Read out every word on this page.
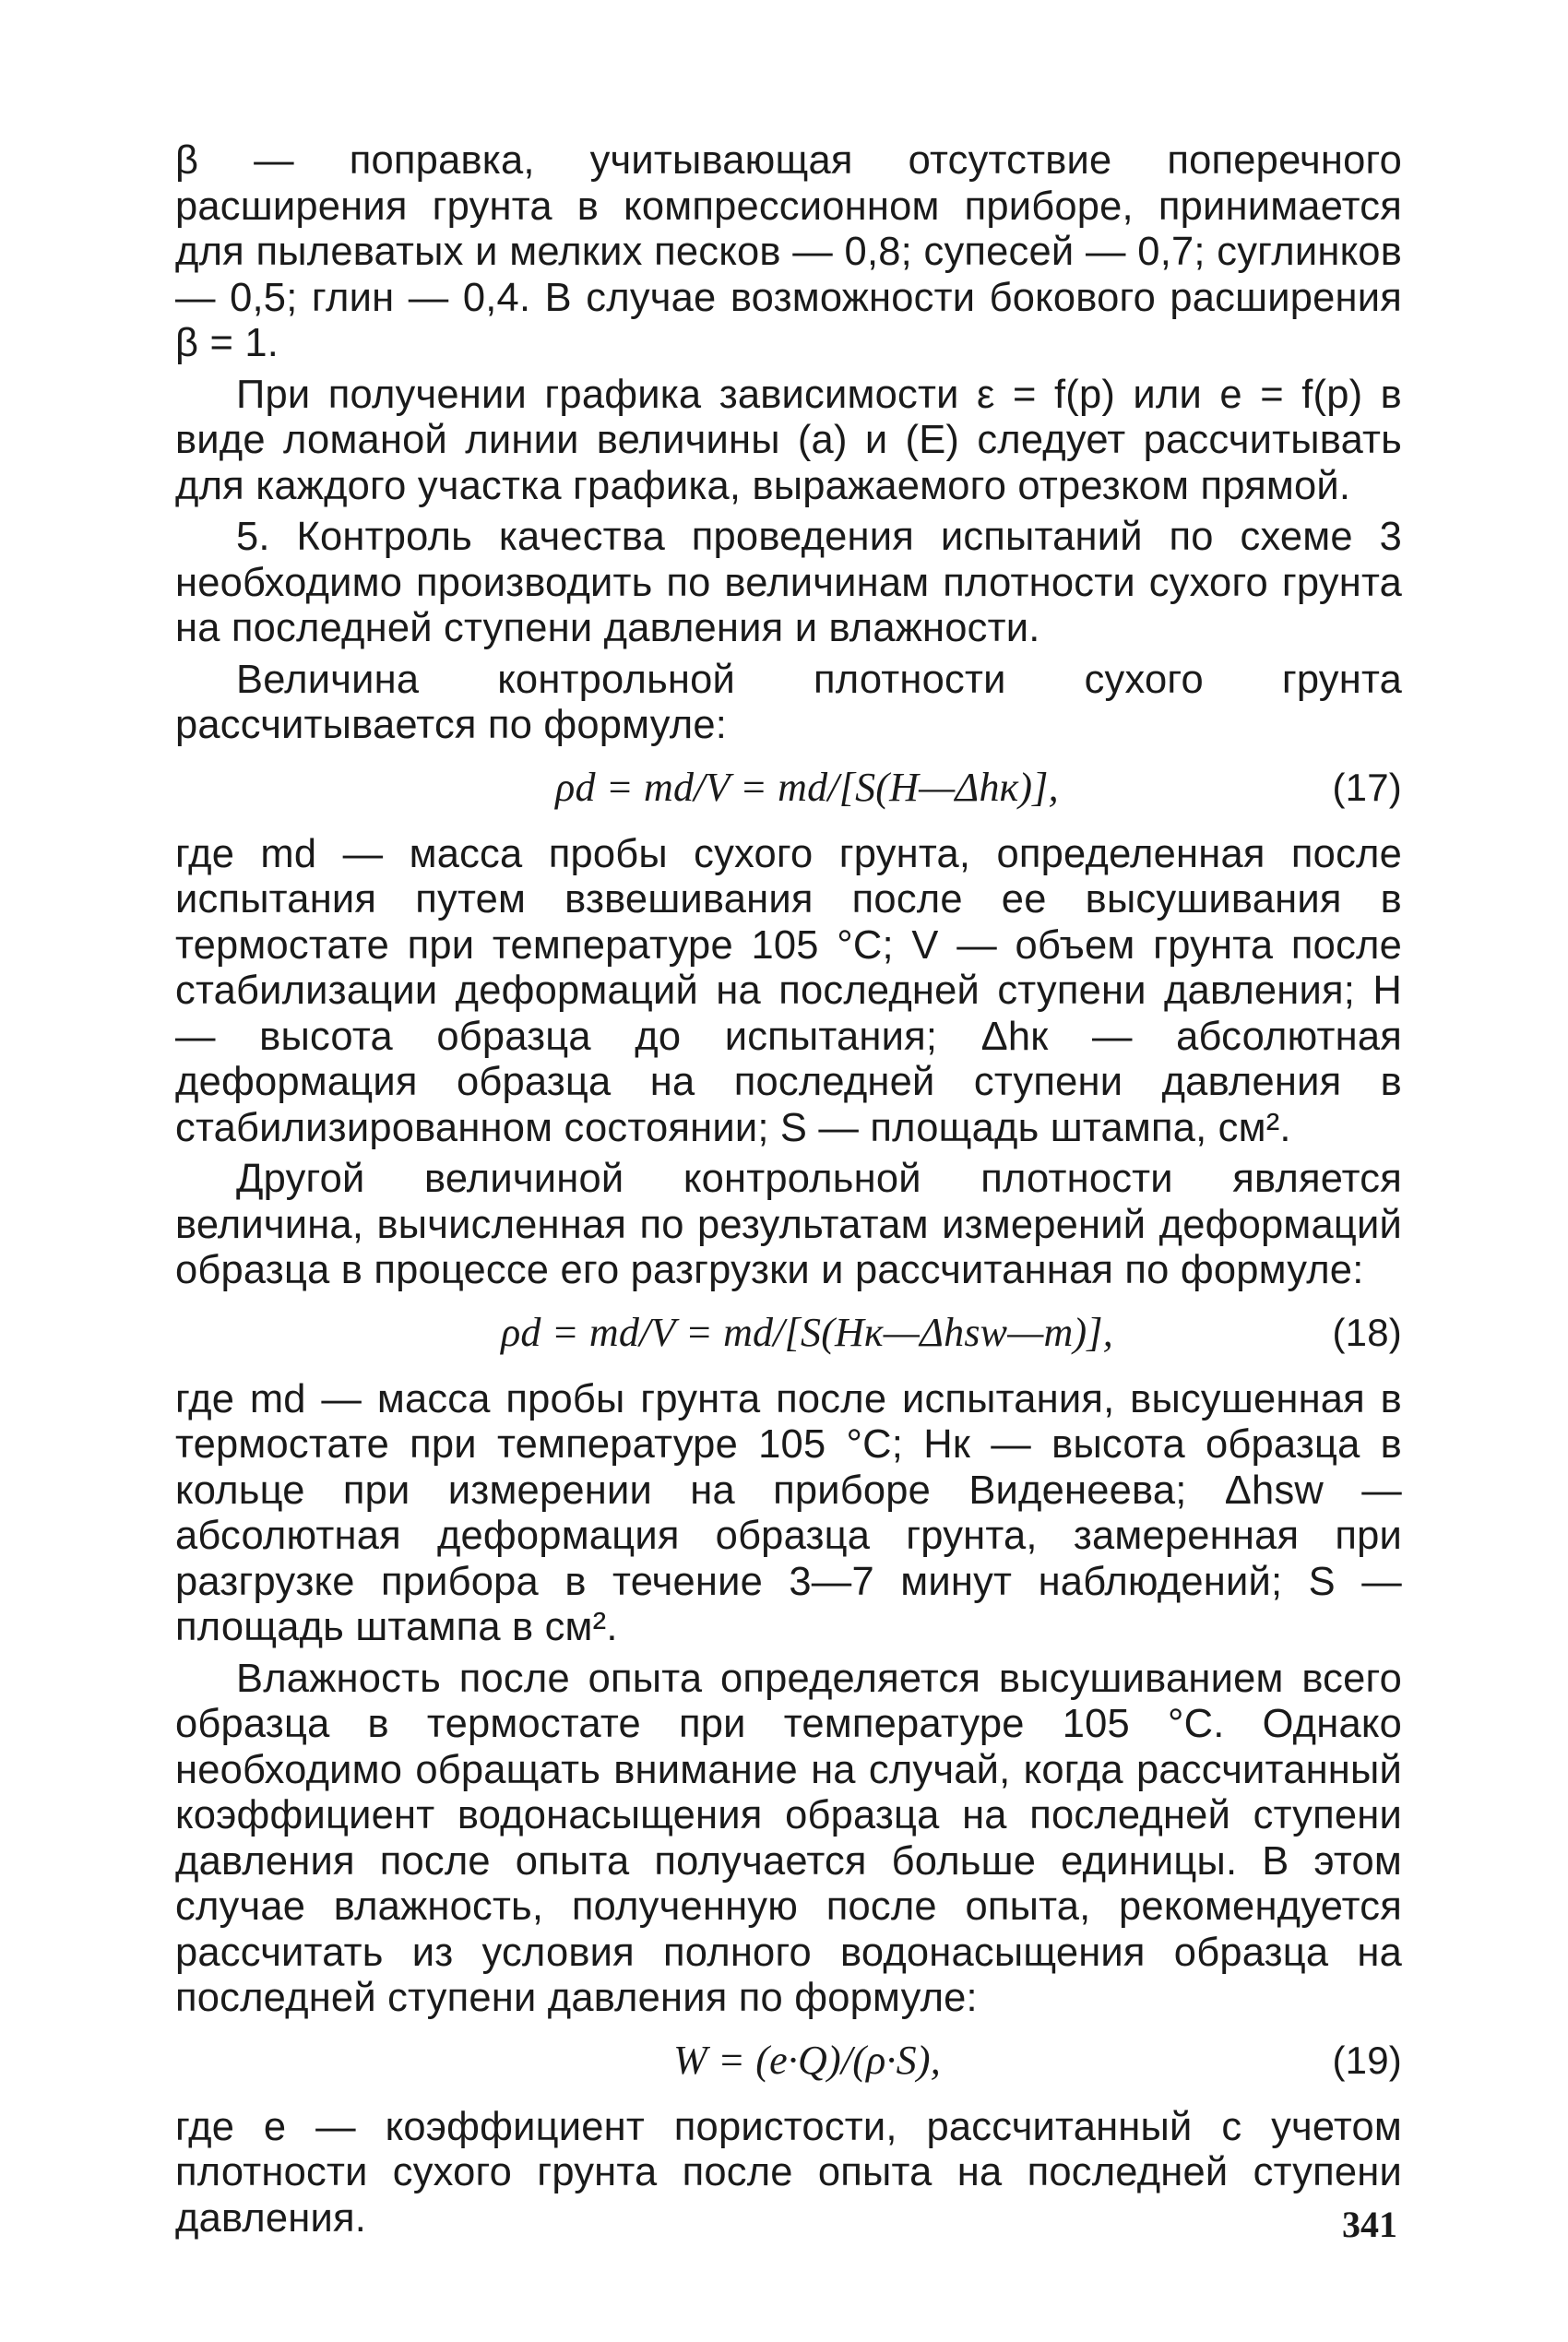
β — поправка, учитывающая отсутствие поперечного расширения грунта в компрессионном приборе, принимается для пылеватых и мелких песков — 0,8; супесей — 0,7; суглинков — 0,5; глин — 0,4. В случае возможности бокового расширения β = 1.
При получении графика зависимости ε = f(p) или e = f(p) в виде ломаной линии величины (a) и (E) следует рассчитывать для каждого участка графика, выражаемого отрезком прямой.
5. Контроль качества проведения испытаний по схеме 3 необходимо производить по величинам плотности сухого грунта на последней ступени давления и влажности.
Величина контрольной плотности сухого грунта рассчитывается по формуле:
ρd = md/V = md/[S(H—Δhк)],	(17)
где md — масса пробы сухого грунта, определенная после испытания путем взвешивания после ее высушивания в термостате при температуре 105 °C; V — объем грунта после стабилизации деформаций на последней ступени давления; H — высота образца до испытания; Δhк — абсолютная деформация образца на последней ступени давления в стабилизированном состоянии; S — площадь штампа, см².
Другой величиной контрольной плотности является величина, вычисленная по результатам измерений деформаций образца в процессе его разгрузки и рассчитанная по формуле:
ρd = md/V = md/[S(Hк—Δhsw—m)],	(18)
где md — масса пробы грунта после испытания, высушенная в термостате при температуре 105 °C; Hк — высота образца в кольце при измерении на приборе Виденеева; Δhsw — абсолютная деформация образца грунта, замеренная при разгрузке прибора в течение 3—7 минут наблюдений; S — площадь штампа в см².
Влажность после опыта определяется высушиванием всего образца в термостате при температуре 105 °C. Однако необходимо обращать внимание на случай, когда рассчитанный коэффициент водонасыщения образца на последней ступени давления после опыта получается больше единицы. В этом случае влажность, полученную после опыта, рекомендуется рассчитать из условия полного водонасыщения образца на последней ступени давления по формуле:
W = (e·Q)/(ρ·S),	(19)
где e — коэффициент пористости, рассчитанный с учетом плотности сухого грунта после опыта на последней ступени давления.	341
